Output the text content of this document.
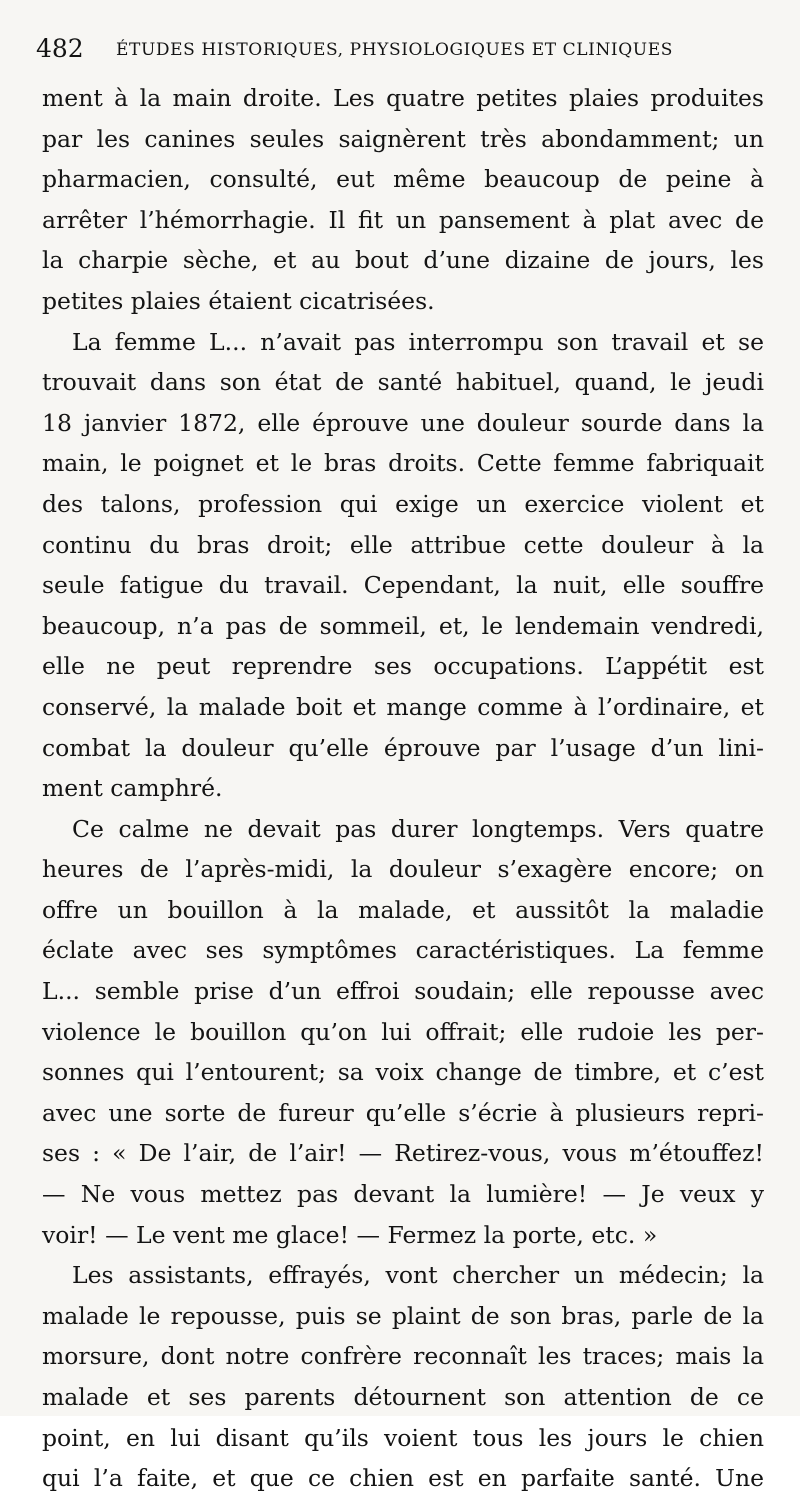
482 ÉTUDES HISTORIQUES, PHYSIOLOGIQUES ET CLINIQUES
ment à la main droite. Les quatre petites plaies produites
par les canines seules saignèrent très abondamment; un
pharmacien, consulté, eut même beaucoup de peine à
arrêter l’hémorrhagie. Il fit un pansement à plat avec de
la charpie sèche, et au bout d’une dizaine de jours, les
petites plaies étaient cicatrisées.
La femme L... n’avait pas interrompu son travail et se
trouvait dans son état de santé habituel, quand, le jeudi
18 janvier 1872, elle éprouve une douleur sourde dans la
main, le poignet et le bras droits. Cette femme fabriquait
des talons, profession qui exige un exercice violent et
continu du bras droit; elle attribue cette douleur à la
seule fatigue du travail. Cependant, la nuit, elle souffre
beaucoup, n’a pas de sommeil, et, le lendemain vendredi,
elle ne peut reprendre ses occupations. L’appétit est
conservé, la malade boit et mange comme à l’ordinaire, et
combat la douleur qu’elle éprouve par l’usage d’un lini-
ment camphré.
Ce calme ne devait pas durer longtemps. Vers quatre
heures de l’après-midi, la douleur s’exagère encore; on
offre un bouillon à la malade, et aussitôt la maladie
éclate avec ses symptômes caractéristiques. La femme
L... semble prise d’un effroi soudain; elle repousse avec
violence le bouillon qu’on lui offrait; elle rudoie les per-
sonnes qui l’entourent; sa voix change de timbre, et c’est
avec une sorte de fureur qu’elle s’écrie à plusieurs repri-
ses : « De l’air, de l’air! — Retirez-vous, vous m’étouffez!
— Ne vous mettez pas devant la lumière! — Je veux y
voir! — Le vent me glace! — Fermez la porte, etc. »
Les assistants, effrayés, vont chercher un médecin; la
malade le repousse, puis se plaint de son bras, parle de la
morsure, dont notre confrère reconnaît les traces; mais la
malade et ses parents détournent son attention de ce
point, en lui disant qu’ils voient tous les jours le chien
qui l’a faite, et que ce chien est en parfaite santé. Une
